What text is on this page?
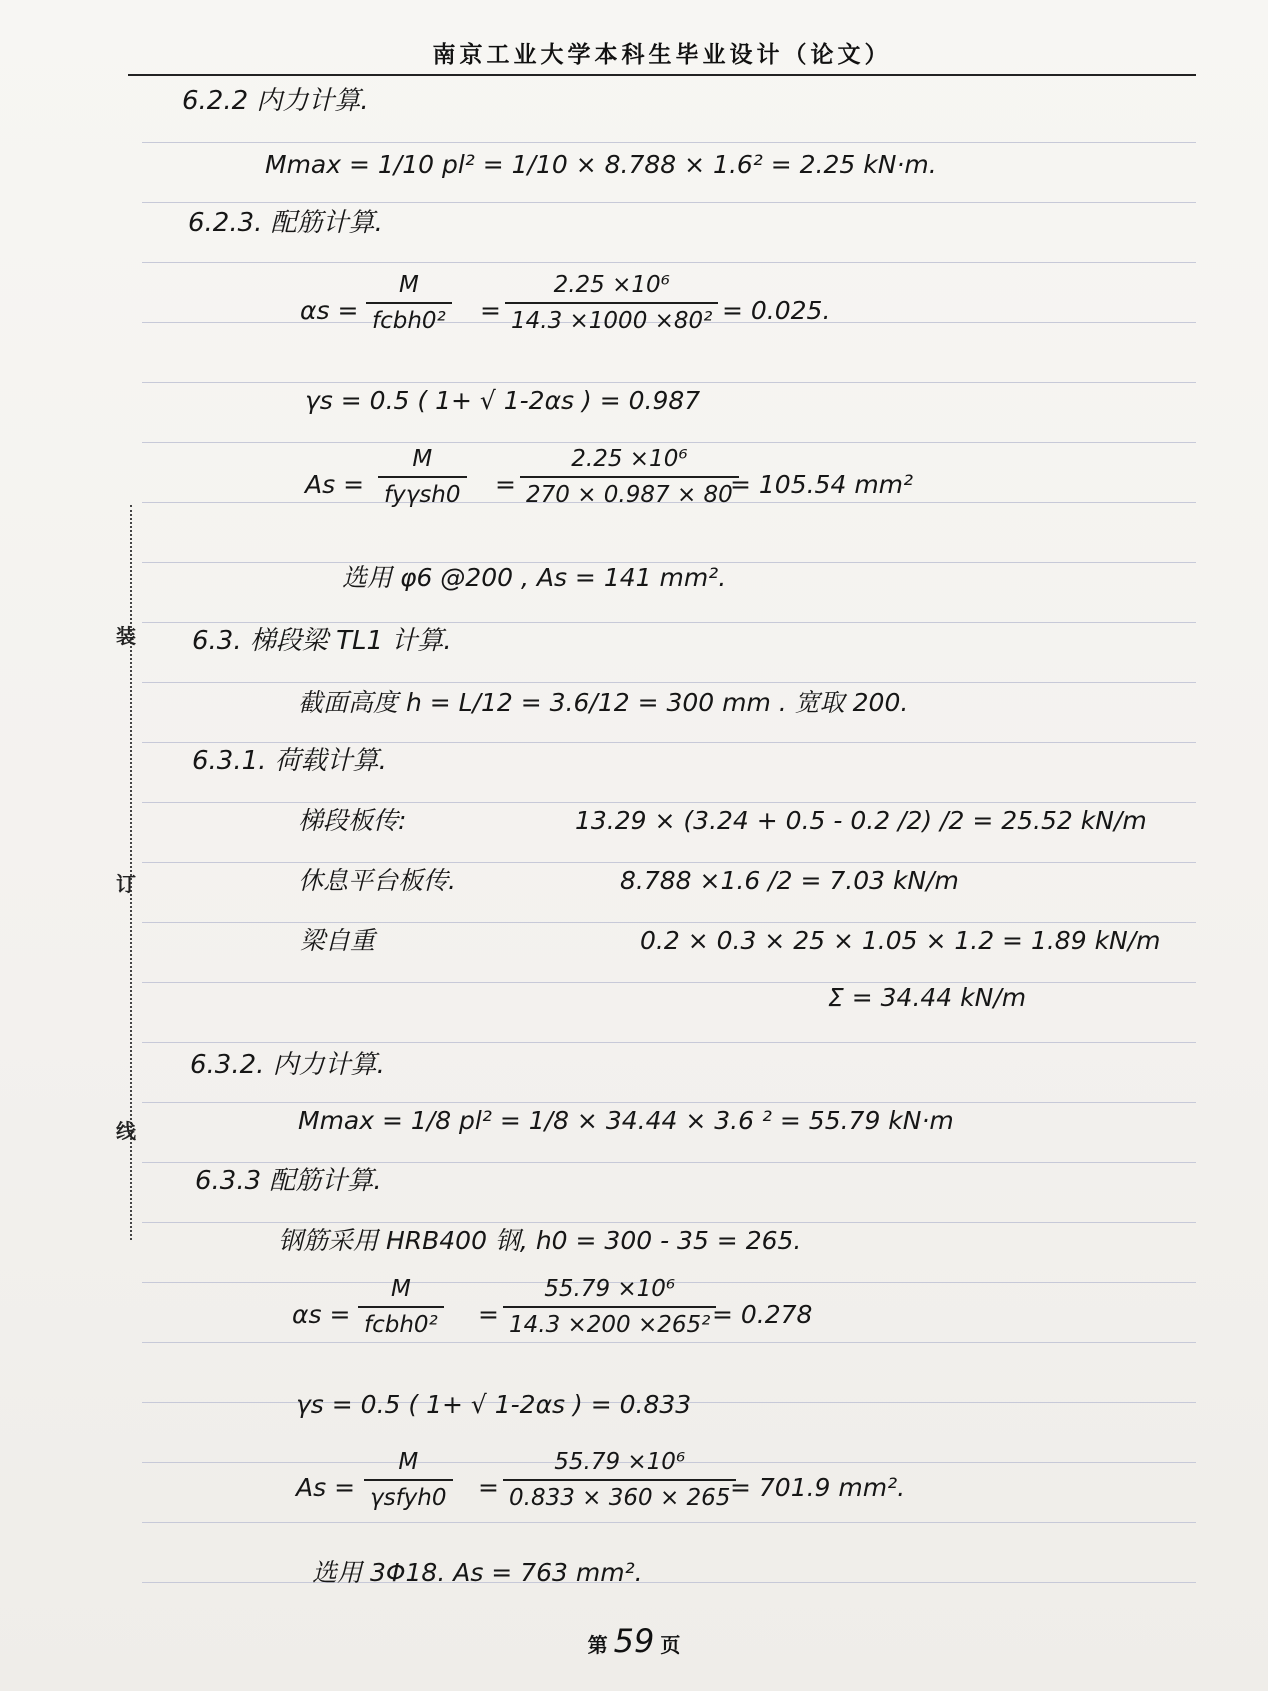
南京工业大学本科生毕业设计（论文）
装
订
线
6.2.2 内力计算.
Mmax = 1/10 pl² = 1/10 × 8.788 × 1.6² = 2.25 kN·m.
6.2.3. 配筋计算.
αs =
M
fcbh0² =
2.25 ×10⁶
14.3 ×1000 ×80² = 0.025.
γs = 0.5 ( 1+ √ 1-2αs ) = 0.987
As =
M
fyγsh0 =
2.25 ×10⁶
270 × 0.987 × 80
= 105.54 mm²
选用 φ6 @200 , As = 141 mm².
6.3. 梯段梁 TL1 计算.
截面高度 h = L/12 = 3.6/12 = 300 mm . 宽取 200.
6.3.1. 荷载计算.
梯段板传:	13.29 × (3.24 + 0.5 - 0.2 /2) /2 = 25.52 kN/m
休息平台板传.	8.788 ×1.6 /2 = 7.03 kN/m
梁自重	0.2 × 0.3 × 25 × 1.05 × 1.2 = 1.89 kN/m
Σ = 34.44 kN/m
6.3.2. 内力计算.
Mmax = 1/8 pl² = 1/8 × 34.44 × 3.6 ² = 55.79 kN·m
6.3.3 配筋计算.
钢筋采用 HRB400 钢, h0 = 300 - 35 = 265.
αs =
M
fcbh0² =
55.79 ×10⁶
14.3 ×200 ×265² = 0.278
γs = 0.5 ( 1+ √ 1-2αs ) = 0.833
As =
M
γsfyh0 =
55.79 ×10⁶
0.833 × 360 × 265 = 701.9 mm².
选用 3Φ18. As = 763 mm².
第 59 页
